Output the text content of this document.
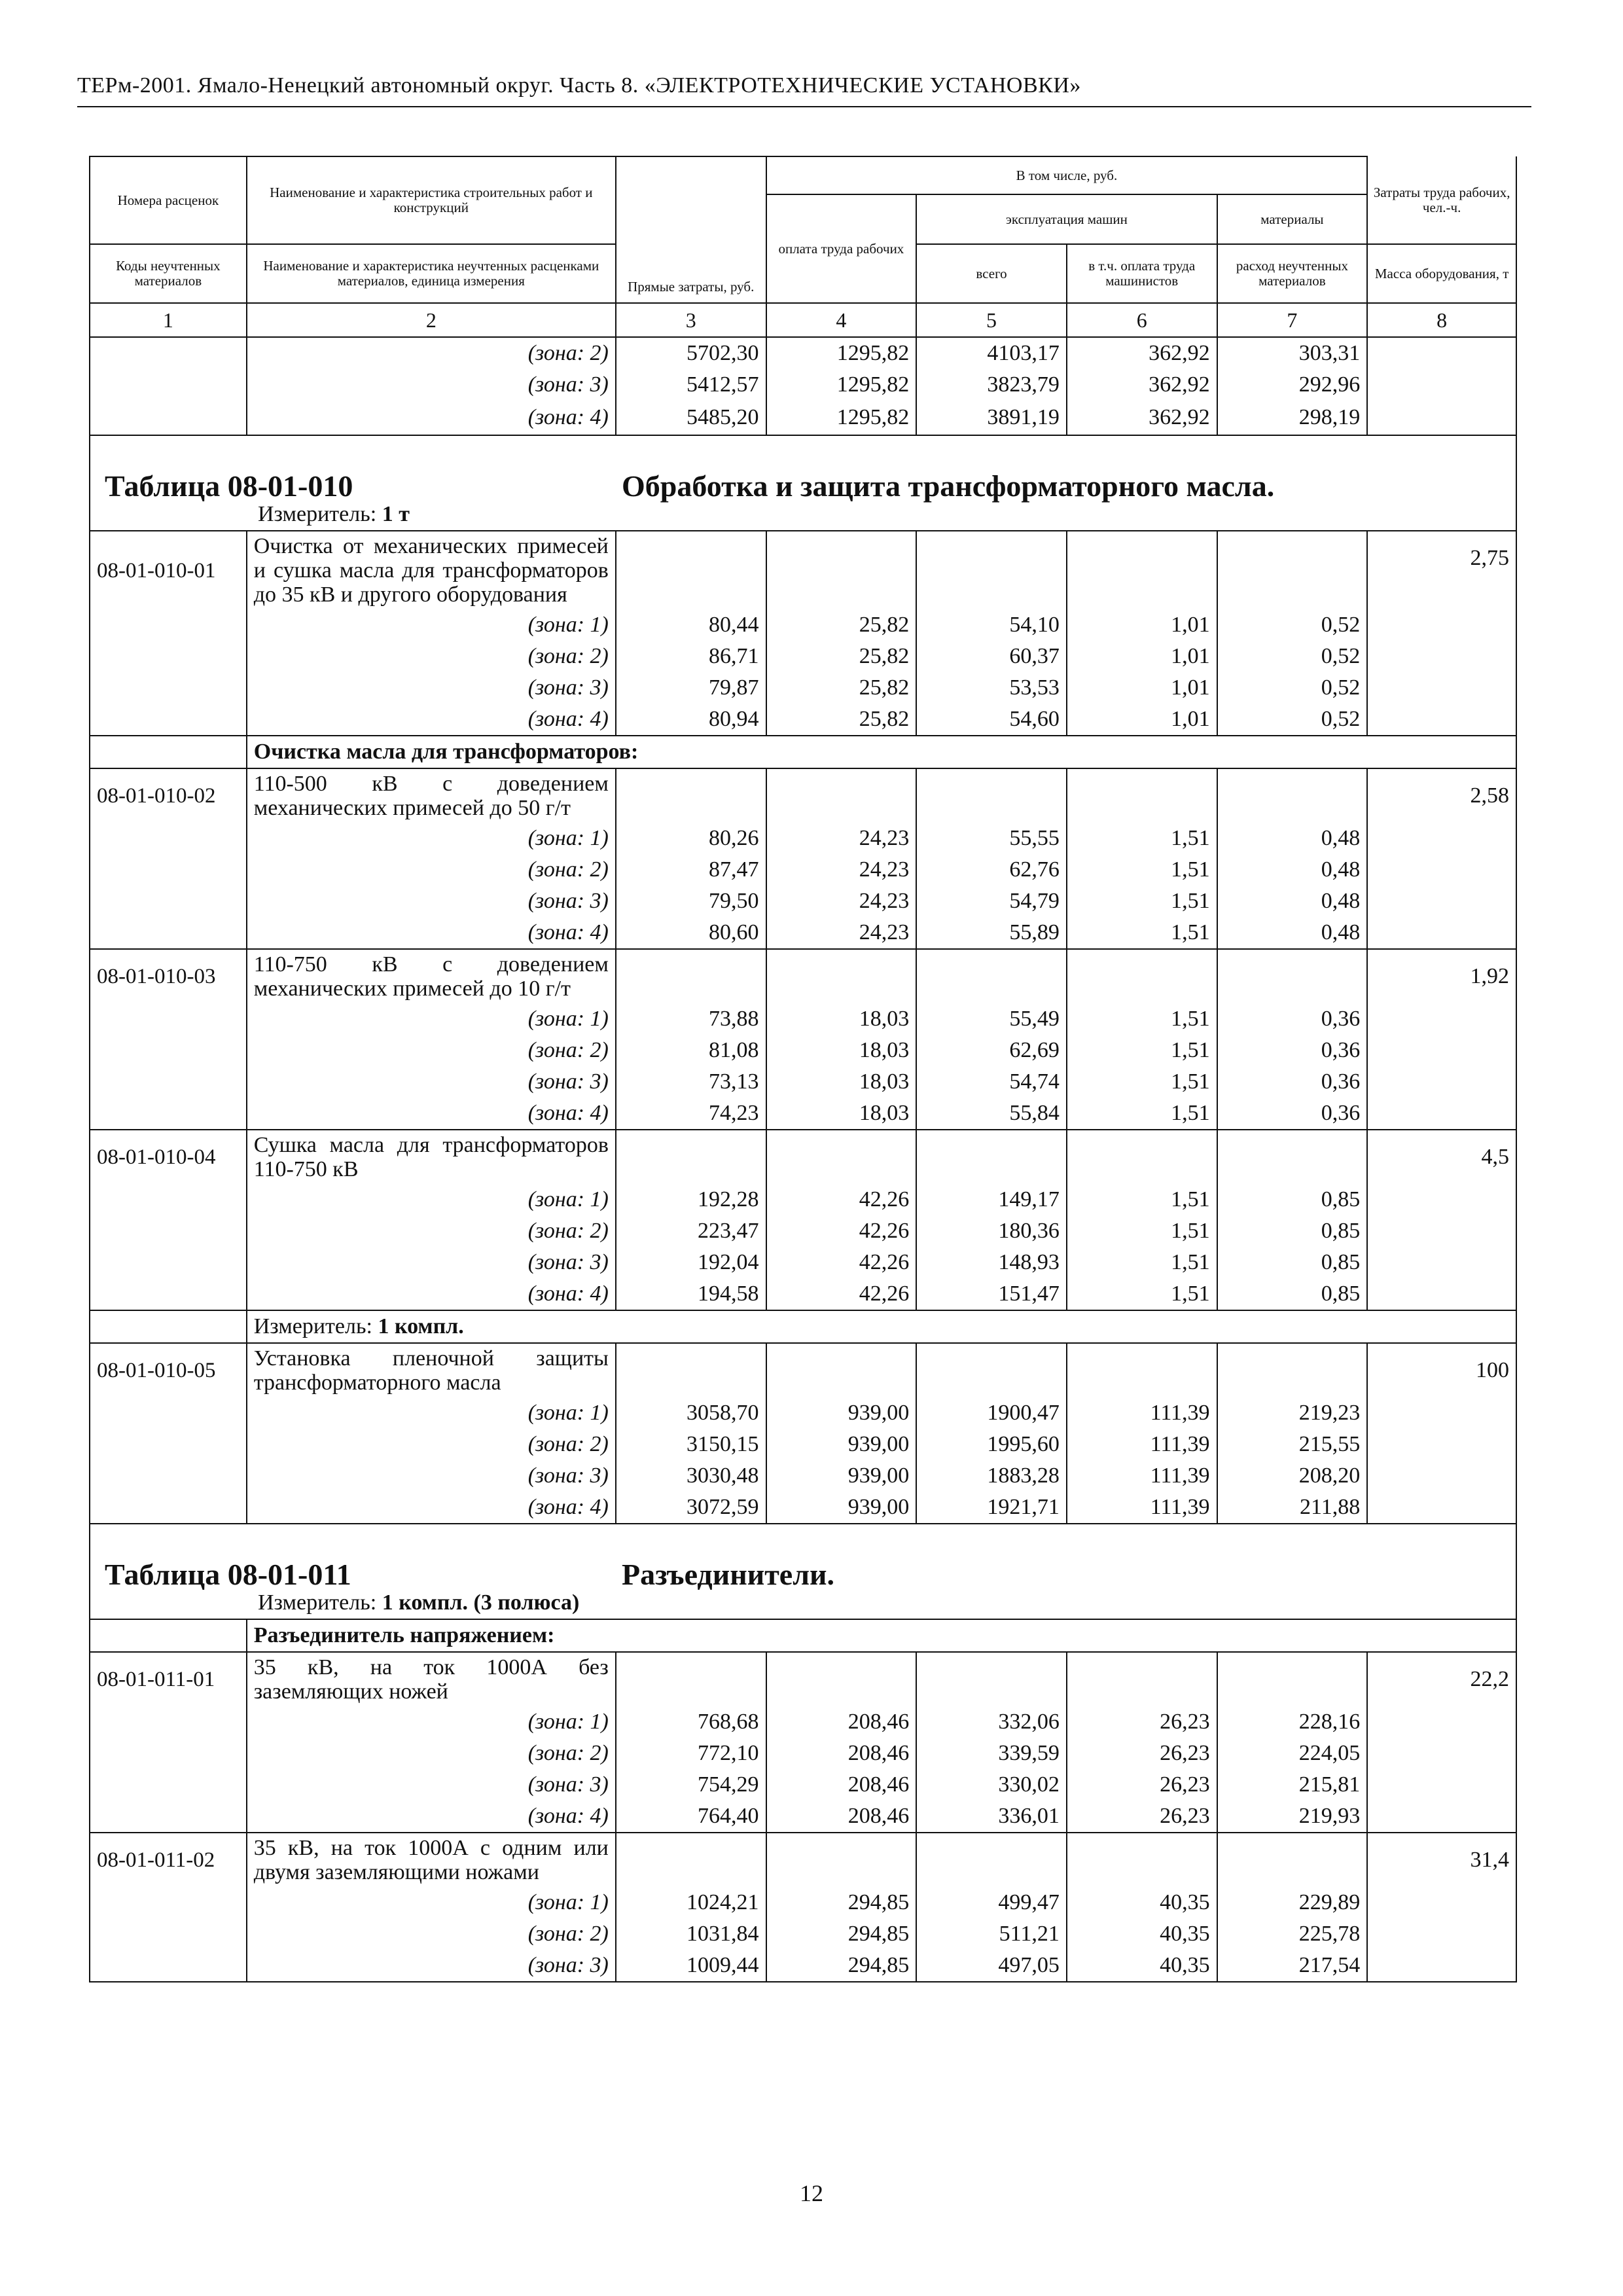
ТЕРм-2001. Ямало-Ненецкий автономный округ. Часть 8. «ЭЛЕКТРОТЕХНИЧЕСКИЕ УСТАНОВКИ»
Номера расценок	Наименование и характеристика строительных работ и конструкций	Прямые затраты, руб.	В том числе, руб.				Затраты труда рабочих, чел.-ч.
			оплата труда рабочих	эксплуатация машин		материалы	
Коды неучтенных материалов	Наименование и характеристика неучтенных расценками материалов, единица измерения			всего	в т.ч. оплата труда машинистов	расход неучтенных материалов	Масса оборудования, т
1	2	3	4	5	6	7	8
	(зона: 2)	5702,30	1295,82	4103,17	362,92	303,31	
	(зона: 3)	5412,57	1295,82	3823,79	362,92	292,96	
	(зона: 4)	5485,20	1295,82	3891,19	362,92	298,19	

Таблица 08-01-010 Обработка и защита трансформаторного масла.							

Измеритель: 1 т							

08-01-010-01	Очистка от механических примесей и сушка масла для трансформаторов до 35 кВ и другого оборудования						2,75
	(зона: 1)	80,44	25,82	54,10	1,01	0,52	
	(зона: 2)	86,71	25,82	60,37	1,01	0,52	
	(зона: 3)	79,87	25,82	53,53	1,01	0,52	
	(зона: 4)	80,94	25,82	54,60	1,01	0,52	
	Очистка масла для трансформаторов:						
08-01-010-02	110-500 кВ с доведением механических примесей до 50 г/т						2,58
	(зона: 1)	80,26	24,23	55,55	1,51	0,48	
	(зона: 2)	87,47	24,23	62,76	1,51	0,48	
	(зона: 3)	79,50	24,23	54,79	1,51	0,48	
	(зона: 4)	80,60	24,23	55,89	1,51	0,48	
08-01-010-03	110-750 кВ с доведением механических примесей до 10 г/т						1,92
	(зона: 1)	73,88	18,03	55,49	1,51	0,36	
	(зона: 2)	81,08	18,03	62,69	1,51	0,36	
	(зона: 3)	73,13	18,03	54,74	1,51	0,36	
	(зона: 4)	74,23	18,03	55,84	1,51	0,36	
08-01-010-04	Сушка масла для трансформаторов 110-750 кВ						4,5
	(зона: 1)	192,28	42,26	149,17	1,51	0,85	
	(зона: 2)	223,47	42,26	180,36	1,51	0,85	
	(зона: 3)	192,04	42,26	148,93	1,51	0,85	
	(зона: 4)	194,58	42,26	151,47	1,51	0,85	
	Измеритель: 1 компл.						
08-01-010-05	Установка пленочной защиты трансформаторного масла						100
	(зона: 1)	3058,70	939,00	1900,47	111,39	219,23	
	(зона: 2)	3150,15	939,00	1995,60	111,39	215,55	
	(зона: 3)	3030,48	939,00	1883,28	111,39	208,20	
	(зона: 4)	3072,59	939,00	1921,71	111,39	211,88	

Таблица 08-01-011 Разъединители.							

Измеритель: 1 компл. (3 полюса)							

	Разъединитель напряжением:						
08-01-011-01	35 кВ, на ток 1000А без заземляющих ножей						22,2
	(зона: 1)	768,68	208,46	332,06	26,23	228,16	
	(зона: 2)	772,10	208,46	339,59	26,23	224,05	
	(зона: 3)	754,29	208,46	330,02	26,23	215,81	
	(зона: 4)	764,40	208,46	336,01	26,23	219,93	
08-01-011-02	35 кВ, на ток 1000А с одним или двумя заземляющими ножами						31,4
	(зона: 1)	1024,21	294,85	499,47	40,35	229,89	
	(зона: 2)	1031,84	294,85	511,21	40,35	225,78	
	(зона: 3)	1009,44	294,85	497,05	40,35	217,54	
12
